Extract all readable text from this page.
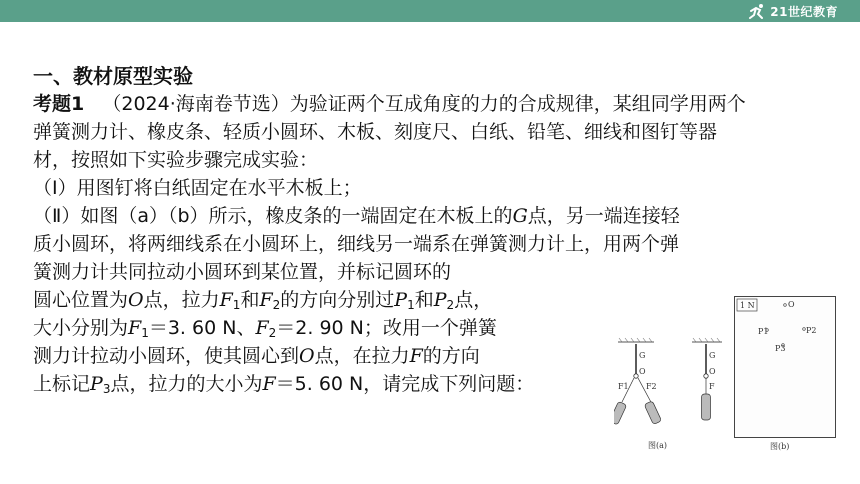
21世纪教育
一、教材原型实验
考题1 （2024·海南卷节选）为验证两个互成角度的力的合成规律，某组同学用两个
弹簧测力计、橡皮条、轻质小圆环、木板、刻度尺、白纸、铅笔、细线和图钉等器
材，按照如下实验步骤完成实验：
（Ⅰ）用图钉将白纸固定在水平木板上；
（Ⅱ）如图（a）（b）所示，橡皮条的一端固定在木板上的G点，另一端连接轻
质小圆环，将两细线系在小圆环上，细线另一端系在弹簧测力计上，用两个弹
簧测力计共同拉动小圆环到某位置，并标记圆环的
圆心位置为O点，拉力$F_1$和$F_2$的方向分别过$P_1$和$P_2$点，
大小分别为$F_1=3$. 60 N、$F_2=2$. 90 N；改用一个弹簧
测力计拉动小圆环，使其圆心到O点，在拉力F的方向
上标记$P_3$点，拉力的大小为F＝5. 60 N，请完成下列问题：
G
O
F1 F2
G
O
F
图(a)
1 N	O
P1	P2
P3
图(b)
